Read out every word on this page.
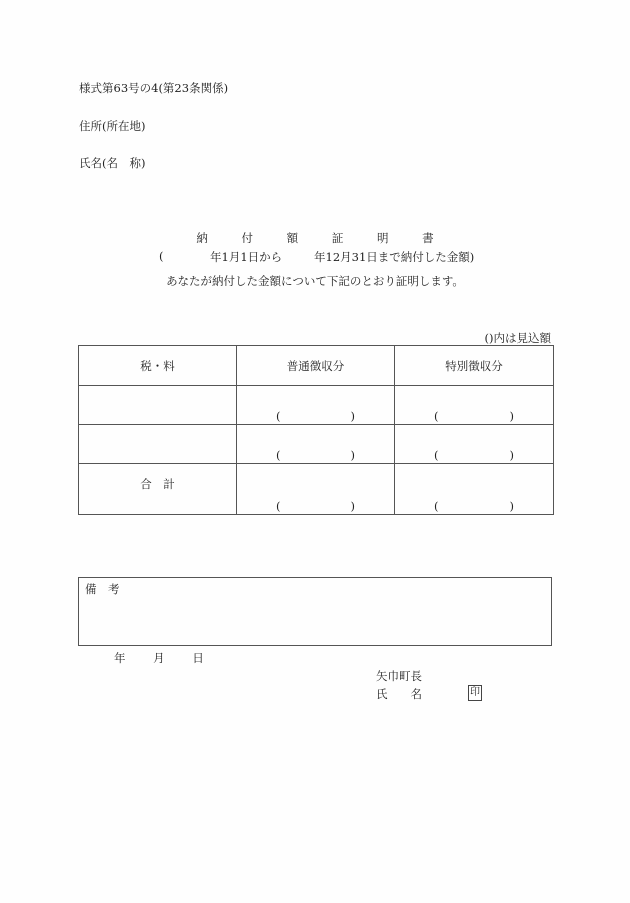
様式第63号の4(第23条関係)
住所(所在地)
氏名(名　称)
納	付	額	証	明	書
(	年1月1日から	年12月31日まで納付した金額)
あなたが納付した金額について下記のとおり証明します。
()内は見込額
税・料	普通徴収分	特別徴収分

	( )	( )

	( )	( )

合　計	( )	( )
備　考
年 月 日
矢巾町長
氏　　名	印
